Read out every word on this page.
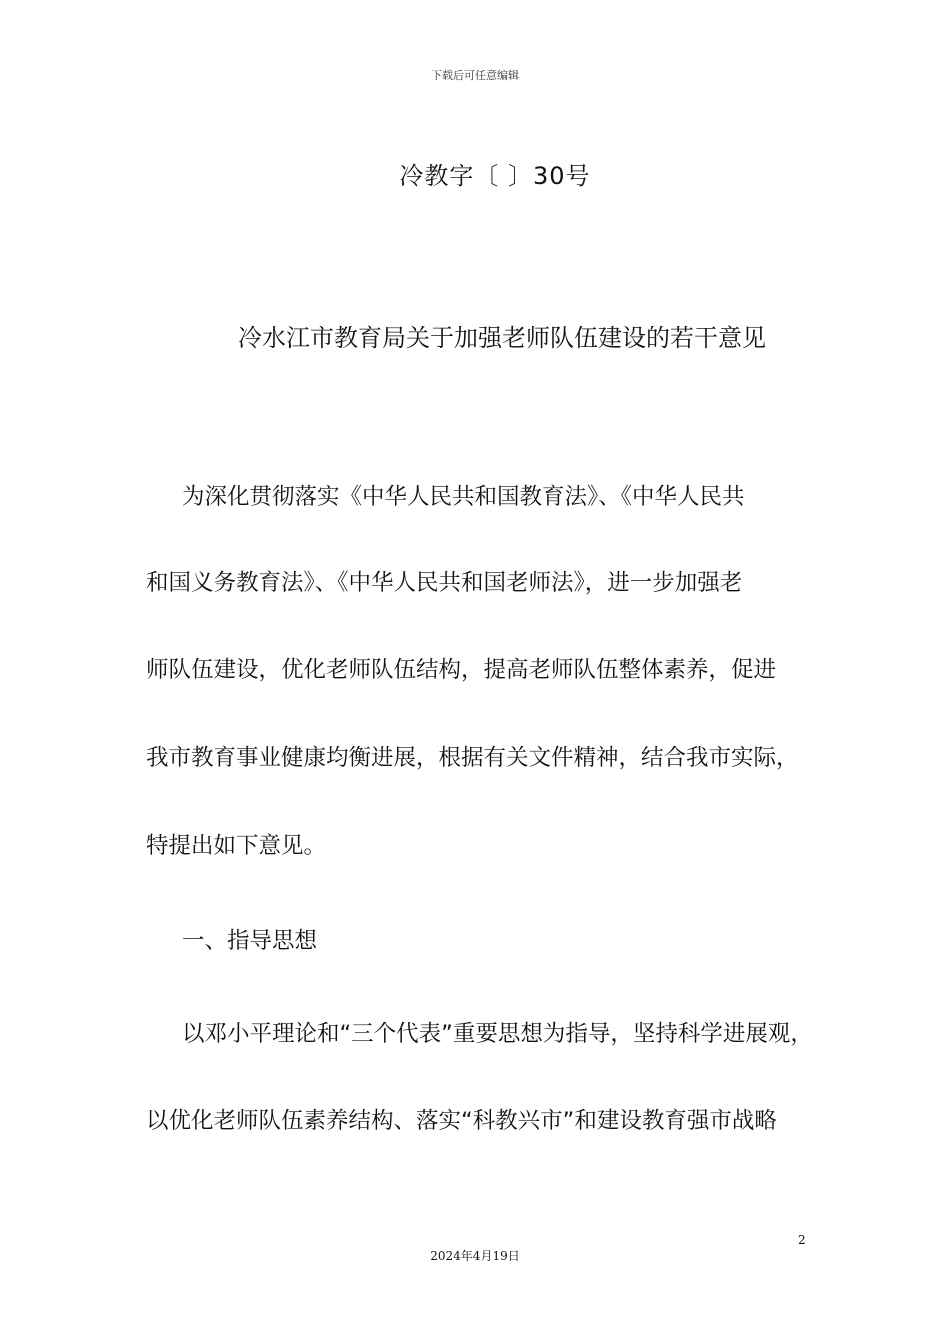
下载后可任意编辑
冷教字〔 〕30号
冷水江市教育局关于加强老师队伍建设的若干意见
为深化贯彻落实《中华人民共和国教育法》、《中华人民共
和国义务教育法》、《中华人民共和国老师法》，进一步加强老
师队伍建设，优化老师队伍结构，提高老师队伍整体素养，促进
我市教育事业健康均衡进展，根据有关文件精神，结合我市实际，
特提出如下意见。
一、指导思想
以邓小平理论和“三个代表”重要思想为指导，坚持科学进展观，
以优化老师队伍素养结构、落实“科教兴市”和建设教育强市战略
2
2024年4月19日
